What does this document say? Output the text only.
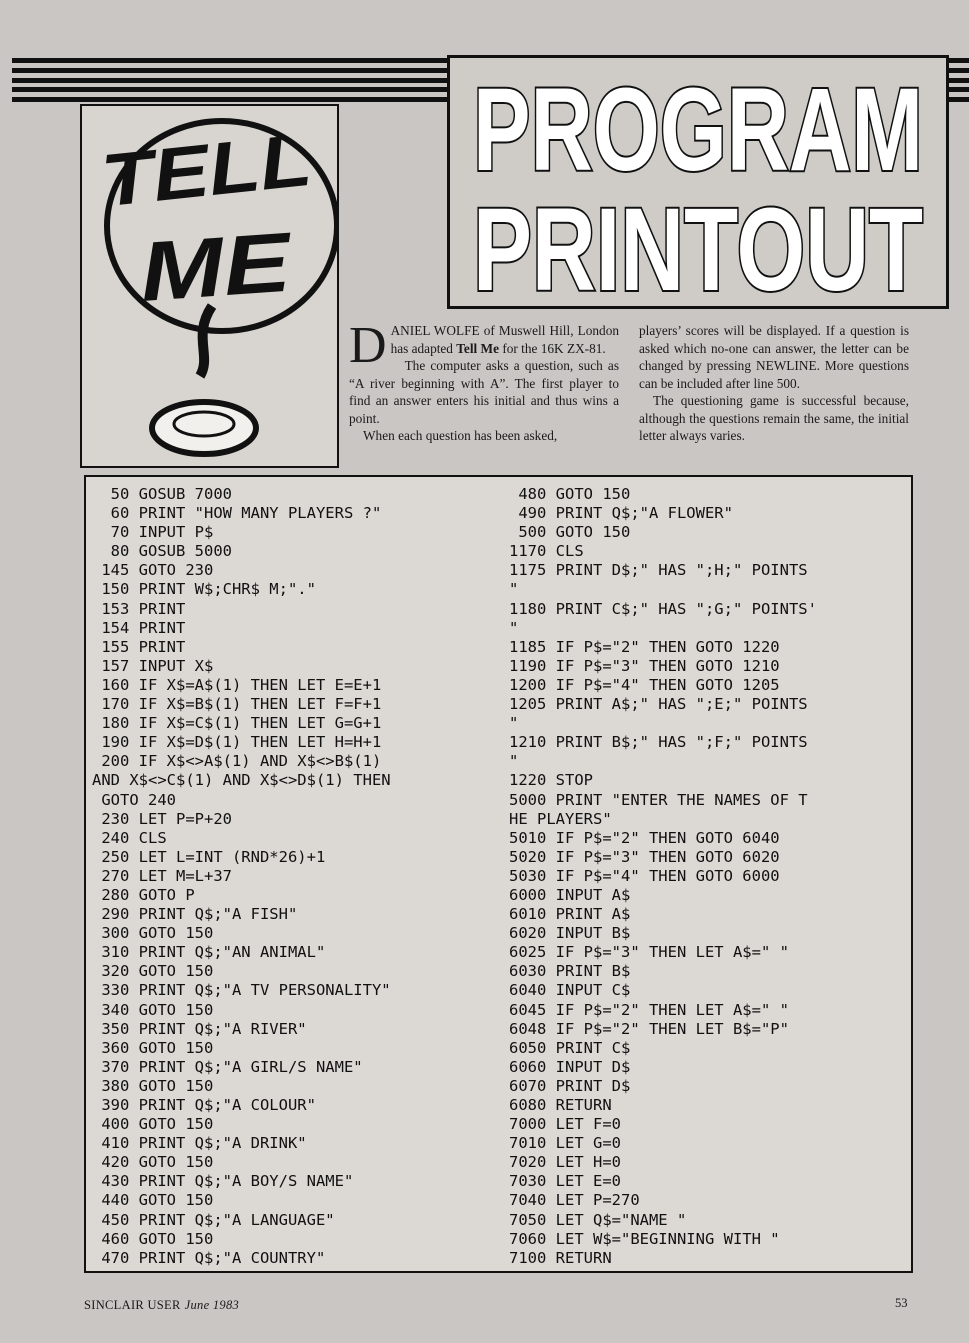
PROGRAM
PRINTOUT
TELL
ME

DANIEL WOLFE of Muswell Hill, London has adapted Tell Me for the 16K ZX-81.

The computer asks a question, such as “A river beginning with A”. The first player to find an answer enters his initial and thus wins a point.

When each question has been asked,

players’ scores will be displayed. If a question is asked which no-one can answer, the letter can be changed by pressing NEWLINE. More questions can be included after line 500.

The questioning game is successful because, although the questions remain the same, the initial letter always varies.

50 GOSUB 7000
60 PRINT "HOW MANY PLAYERS ?"
70 INPUT P$
80 GOSUB 5000
145 GOTO 230
150 PRINT W$;CHR$ M;"."
153 PRINT
154 PRINT
155 PRINT
157 INPUT X$
160 IF X$=A$(1) THEN LET E=E+1
170 IF X$=B$(1) THEN LET F=F+1
180 IF X$=C$(1) THEN LET G=G+1
190 IF X$=D$(1) THEN LET H=H+1
200 IF X$<>A$(1) AND X$<>B$(1)
AND X$<>C$(1) AND X$<>D$(1) THEN
GOTO 240
230 LET P=P+20
240 CLS
250 LET L=INT (RND*26)+1
270 LET M=L+37
280 GOTO P
290 PRINT Q$;"A FISH"
300 GOTO 150
310 PRINT Q$;"AN ANIMAL"
320 GOTO 150
330 PRINT Q$;"A TV PERSONALITY"
340 GOTO 150
350 PRINT Q$;"A RIVER"
360 GOTO 150
370 PRINT Q$;"A GIRL/S NAME"
380 GOTO 150
390 PRINT Q$;"A COLOUR"
400 GOTO 150
410 PRINT Q$;"A DRINK"
420 GOTO 150
430 PRINT Q$;"A BOY/S NAME"
440 GOTO 150
450 PRINT Q$;"A LANGUAGE"
460 GOTO 150
470 PRINT Q$;"A COUNTRY"
480 GOTO 150
490 PRINT Q$;"A FLOWER"
500 GOTO 150
1170 CLS
1175 PRINT D$;" HAS ";H;" POINTS
"
1180 PRINT C$;" HAS ";G;" POINTS'
"
1185 IF P$="2" THEN GOTO 1220
1190 IF P$="3" THEN GOTO 1210
1200 IF P$="4" THEN GOTO 1205
1205 PRINT A$;" HAS ";E;" POINTS
"
1210 PRINT B$;" HAS ";F;" POINTS
"
1220 STOP
5000 PRINT "ENTER THE NAMES OF T
HE PLAYERS"
5010 IF P$="2" THEN GOTO 6040
5020 IF P$="3" THEN GOTO 6020
5030 IF P$="4" THEN GOTO 6000
6000 INPUT A$
6010 PRINT A$
6020 INPUT B$
6025 IF P$="3" THEN LET A$=" "
6030 PRINT B$
6040 INPUT C$
6045 IF P$="2" THEN LET A$=" "
6048 IF P$="2" THEN LET B$="P"
6050 PRINT C$
6060 INPUT D$
6070 PRINT D$
6080 RETURN
7000 LET F=0
7010 LET G=0
7020 LET H=0
7030 LET E=0
7040 LET P=270
7050 LET Q$="NAME "
7060 LET W$="BEGINNING WITH "
7100 RETURN
SINCLAIR USER June 1983	53
